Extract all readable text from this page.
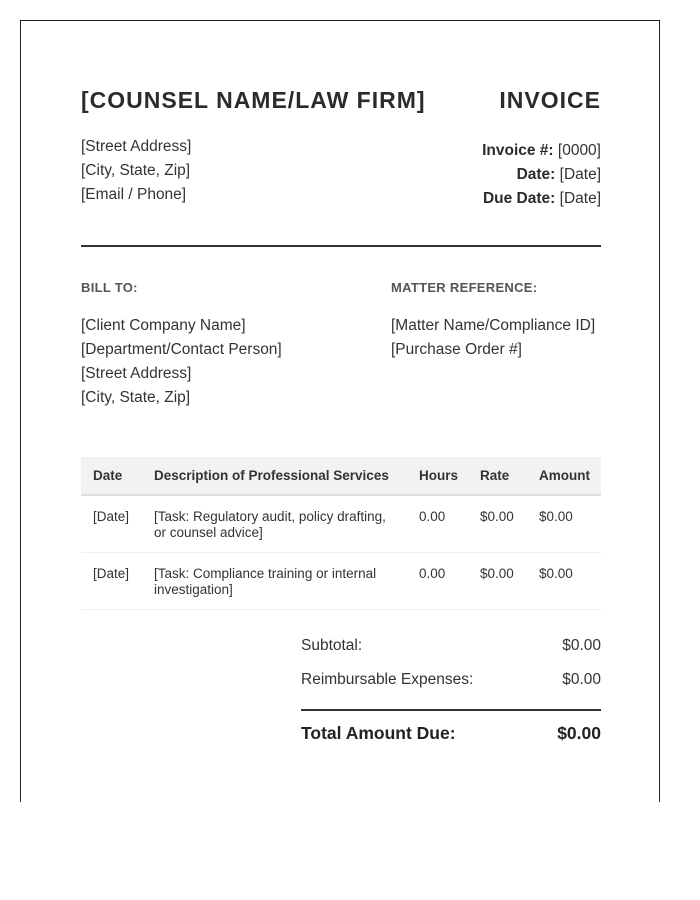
[COUNSEL NAME/LAW FIRM]	INVOICE
[Street Address]
[City, State, Zip]
[Email / Phone]
Invoice #: [0000]
Date: [Date]
Due Date: [Date]
BILL TO:	MATTER REFERENCE:
[Client Company Name]
[Department/Contact Person]
[Street Address]
[City, State, Zip]
[Matter Name/Compliance ID]
[Purchase Order #]
Date	Description of Professional Services	Hours	Rate	Amount
[Date]	[Task: Regulatory audit, policy drafting, or counsel advice]	0.00	$0.00	$0.00
[Date]	[Task: Compliance training or internal investigation]	0.00	$0.00	$0.00
Subtotal:	$0.00
Reimbursable Expenses:	$0.00
Total Amount Due:	$0.00
